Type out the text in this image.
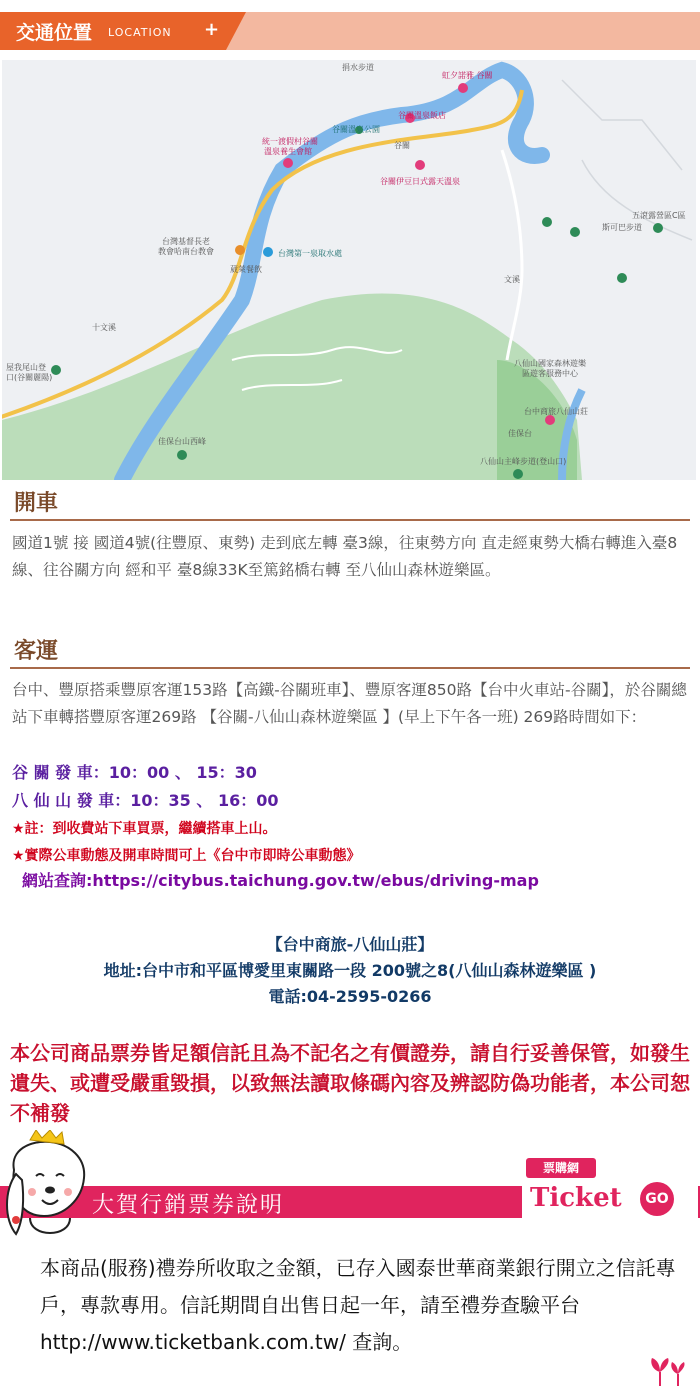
交通位置 LOCATION +
捐水步道
虹夕諾雅 谷關
谷關溫泉飯店
谷關溫泉公園
谷關
統一渡假村谷關
溫泉養生會館
谷關伊豆日式露天溫泉
五滾露營區C區
斯可巴步道
台灣基督長老
教會哈南台教會	台灣第一泉取水處
葳萊餐飲
十文溪
文溪
八仙山國家森林遊樂
區遊客服務中心
台中商旅八仙山莊
佳保台
八仙山主峰步道(登山口)
佳保台山西峰
屋我尾山登
口(谷關麗陽)
開車
國道1號 接 國道4號(往豐原、東勢) 走到底左轉 臺3線，往東勢方向 直走經東勢大橋右轉進入臺8線、往谷關方向 經和平 臺8線33K至篤銘橋右轉 至八仙山森林遊樂區。
客運
台中、豐原搭乘豐原客運153路【高鐵-谷關班車】、豐原客運850路【台中火車站-谷關】，於谷關總站下車轉搭豐原客運269路 【谷關-八仙山森林遊樂區 】(早上下午各一班) 269路時間如下：
谷 關 發 車：10：00 、 15：30
八 仙 山 發 車：10：35 、 16：00
★註：到收費站下車買票，繼續搭車上山。
★實際公車動態及開車時間可上《台中市即時公車動態》
網站查詢:https://citybus.taichung.gov.tw/ebus/driving-map
【台中商旅-八仙山莊】
地址:台中市和平區博愛里東關路一段 200號之8(八仙山森林遊樂區 )
電話:04-2595-0266
本公司商品票券皆足額信託且為不記名之有價證券，請自行妥善保管，如發生遺失、或遭受嚴重毀損，以致無法讀取條碼內容及辨認防偽功能者，本公司恕不補發
大賀行銷票券說明
票購網
Ticket	GO
本商品(服務)禮券所收取之金額，已存入國泰世華商業銀行開立之信託專戶，專款專用。信託期間自出售日起一年，請至禮券查驗平台http://www.ticketbank.com.tw/ 查詢。
